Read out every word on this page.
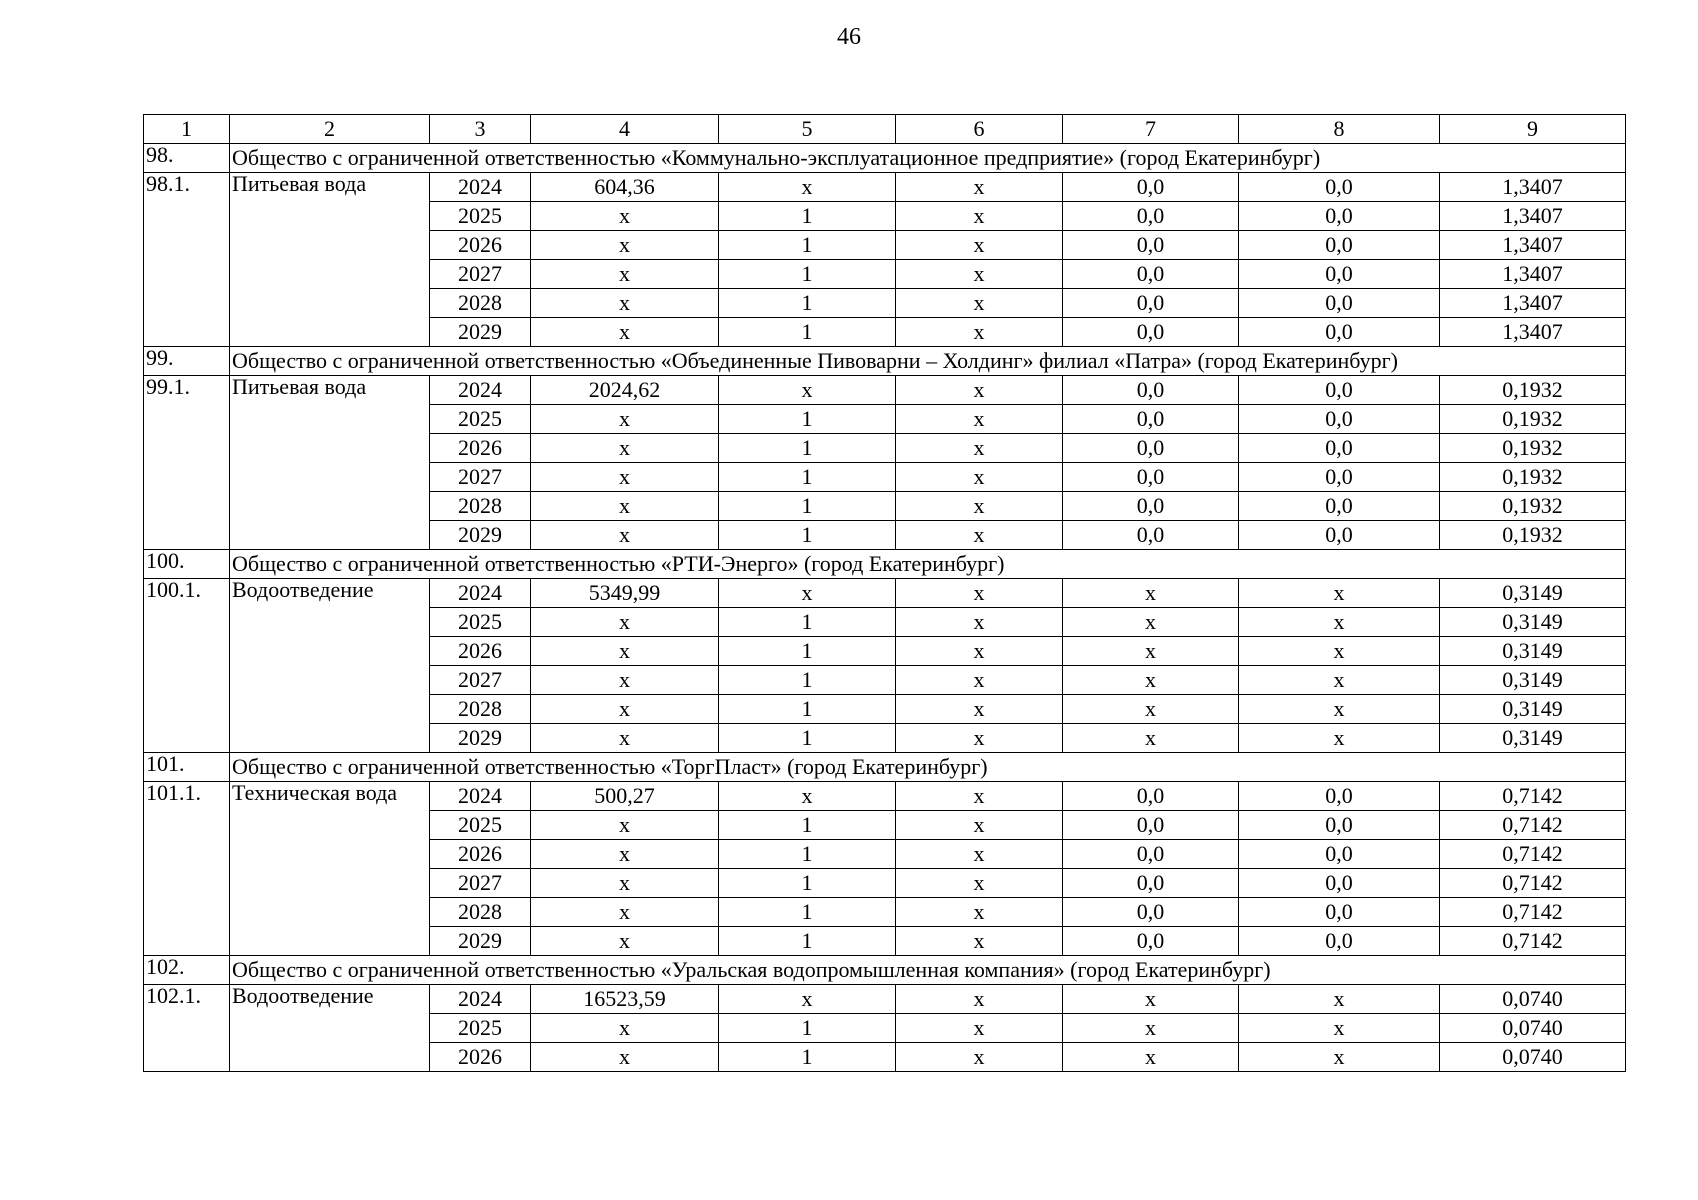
46
1	2	3	4	5	6	7	8	9
98.	Общество с ограниченной ответственностью «Коммунально-эксплуатационное предприятие» (город Екатеринбург)							
98.1.	Питьевая вода	2024	604,36	x	x	0,0	0,0	1,3407
		2025	x	1	x	0,0	0,0	1,3407
		2026	x	1	x	0,0	0,0	1,3407
		2027	x	1	x	0,0	0,0	1,3407
		2028	x	1	x	0,0	0,0	1,3407
		2029	x	1	x	0,0	0,0	1,3407
99.	Общество с ограниченной ответственностью «Объединенные Пивоварни – Холдинг» филиал «Патра» (город Екатеринбург)							
99.1.	Питьевая вода	2024	2024,62	x	x	0,0	0,0	0,1932
		2025	x	1	x	0,0	0,0	0,1932
		2026	x	1	x	0,0	0,0	0,1932
		2027	x	1	x	0,0	0,0	0,1932
		2028	x	1	x	0,0	0,0	0,1932
		2029	x	1	x	0,0	0,0	0,1932
100.	Общество с ограниченной ответственностью «РТИ-Энерго» (город Екатеринбург)							
100.1.	Водоотведение	2024	5349,99	x	x	x	x	0,3149
		2025	x	1	x	x	x	0,3149
		2026	x	1	x	x	x	0,3149
		2027	x	1	x	x	x	0,3149
		2028	x	1	x	x	x	0,3149
		2029	x	1	x	x	x	0,3149
101.	Общество с ограниченной ответственностью «ТоргПласт» (город Екатеринбург)							
101.1.	Техническая вода	2024	500,27	x	x	0,0	0,0	0,7142
		2025	x	1	x	0,0	0,0	0,7142
		2026	x	1	x	0,0	0,0	0,7142
		2027	x	1	x	0,0	0,0	0,7142
		2028	x	1	x	0,0	0,0	0,7142
		2029	x	1	x	0,0	0,0	0,7142
102.	Общество с ограниченной ответственностью «Уральская водопромышленная компания» (город Екатеринбург)							
102.1.	Водоотведение	2024	16523,59	x	x	x	x	0,0740
		2025	x	1	x	x	x	0,0740
		2026	x	1	x	x	x	0,0740
